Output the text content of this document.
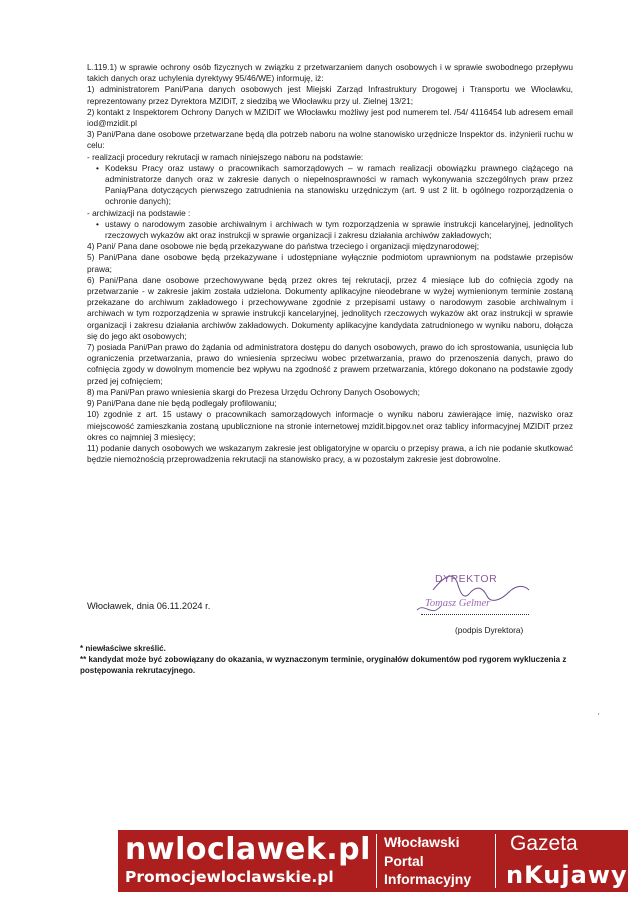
L.119.1) w sprawie ochrony osób fizycznych w związku z przetwarzaniem danych osobowych i w sprawie swobodnego przepływu takich danych oraz uchylenia dyrektywy 95/46/WE) informuję, iż:

1) administratorem Pani/Pana danych osobowych jest Miejski Zarząd Infrastruktury Drogowej i Transportu we Włocławku, reprezentowany przez Dyrektora MZIDiT, z siedzibą we Włocławku przy ul. Zielnej 13/21;

2) kontakt z Inspektorem Ochrony Danych w MZIDiT we Włocławku możliwy jest pod numerem tel. /54/ 4116454 lub adresem email iod@mzidit.pl

3) Pani/Pana dane osobowe przetwarzane będą dla potrzeb naboru na wolne stanowisko urzędnicze Inspektor ds. inżynierii ruchu w celu:

- realizacji procedury rekrutacji w ramach niniejszego naboru na podstawie:

• Kodeksu Pracy oraz ustawy o pracownikach samorządowych – w ramach realizacji obowiązku prawnego ciążącego na administratorze danych oraz w zakresie danych o niepełnosprawności w ramach wykonywania szczególnych praw przez Panią/Pana dotyczących pierwszego zatrudnienia na stanowisku urzędniczym (art. 9 ust 2 lit. b ogólnego rozporządzenia o ochronie danych);

- archiwizacji na podstawie :

• ustawy o narodowym zasobie archiwalnym i archiwach w tym rozporządzenia w sprawie instrukcji kancelaryjnej, jednolitych rzeczowych wykazów akt oraz instrukcji w sprawie organizacji i zakresu działania archiwów zakładowych;

4) Pani/ Pana dane osobowe nie będą przekazywane do państwa trzeciego i organizacji międzynarodowej;

5) Pani/Pana dane osobowe będą przekazywane i udostępniane wyłącznie podmiotom uprawnionym na podstawie przepisów prawa;

6) Pani/Pana dane osobowe przechowywane będą przez okres tej rekrutacji, przez 4 miesiące lub do cofnięcia zgody na przetwarzanie - w zakresie jakim została udzielona. Dokumenty aplikacyjne nieodebrane w wyżej wymienionym terminie zostaną przekazane do archiwum zakładowego i przechowywane zgodnie z przepisami ustawy o narodowym zasobie archiwalnym i archiwach w tym rozporządzenia w sprawie instrukcji kancelaryjnej, jednolitych rzeczowych wykazów akt oraz instrukcji w sprawie organizacji i zakresu działania archiwów zakładowych. Dokumenty aplikacyjne kandydata zatrudnionego w wyniku naboru, dołącza się do jego akt osobowych;

7) posiada Pani/Pan prawo do żądania od administratora dostępu do danych osobowych, prawo do ich sprostowania, usunięcia lub ograniczenia przetwarzania, prawo do wniesienia sprzeciwu wobec przetwarzania, prawo do przenoszenia danych, prawo do cofnięcia zgody w dowolnym momencie bez wpływu na zgodność z prawem przetwarzania, którego dokonano na podstawie zgody przed jej cofnięciem;

8) ma Pani/Pan prawo wniesienia skargi do Prezesa Urzędu Ochrony Danych Osobowych;

9) Pani/Pana dane nie będą podlegały profilowaniu;

10) zgodnie z art. 15 ustawy o pracownikach samorządowych informacje o wyniku naboru zawierające imię, nazwisko oraz miejscowość zamieszkania zostaną upublicznione na stronie internetowej mzidit.bipgov.net oraz tablicy informacyjnej MZIDiT przez okres co najmniej 3 miesięcy;

11) podanie danych osobowych we wskazanym zakresie jest obligatoryjne w oparciu o przepisy prawa, a ich nie podanie skutkować będzie niemożnością przeprowadzenia rekrutacji na stanowisko pracy, a w pozostałym zakresie jest dobrowolne.

DYREKTOR
Tomasz Gelmer
(podpis Dyrektora)
Włocławek, dnia 06.11.2024 r.

* niewłaściwe skreślić.

** kandydat może być zobowiązany do okazania, w wyznaczonym terminie, oryginałów dokumentów pod rygorem wykluczenia z postępowania rekrutacyjnego.

'
nwloclawek.pl
Promocjewloclawskie.pl
Włocławski
Portal
Informacyjny
Gazeta
nKujawy
